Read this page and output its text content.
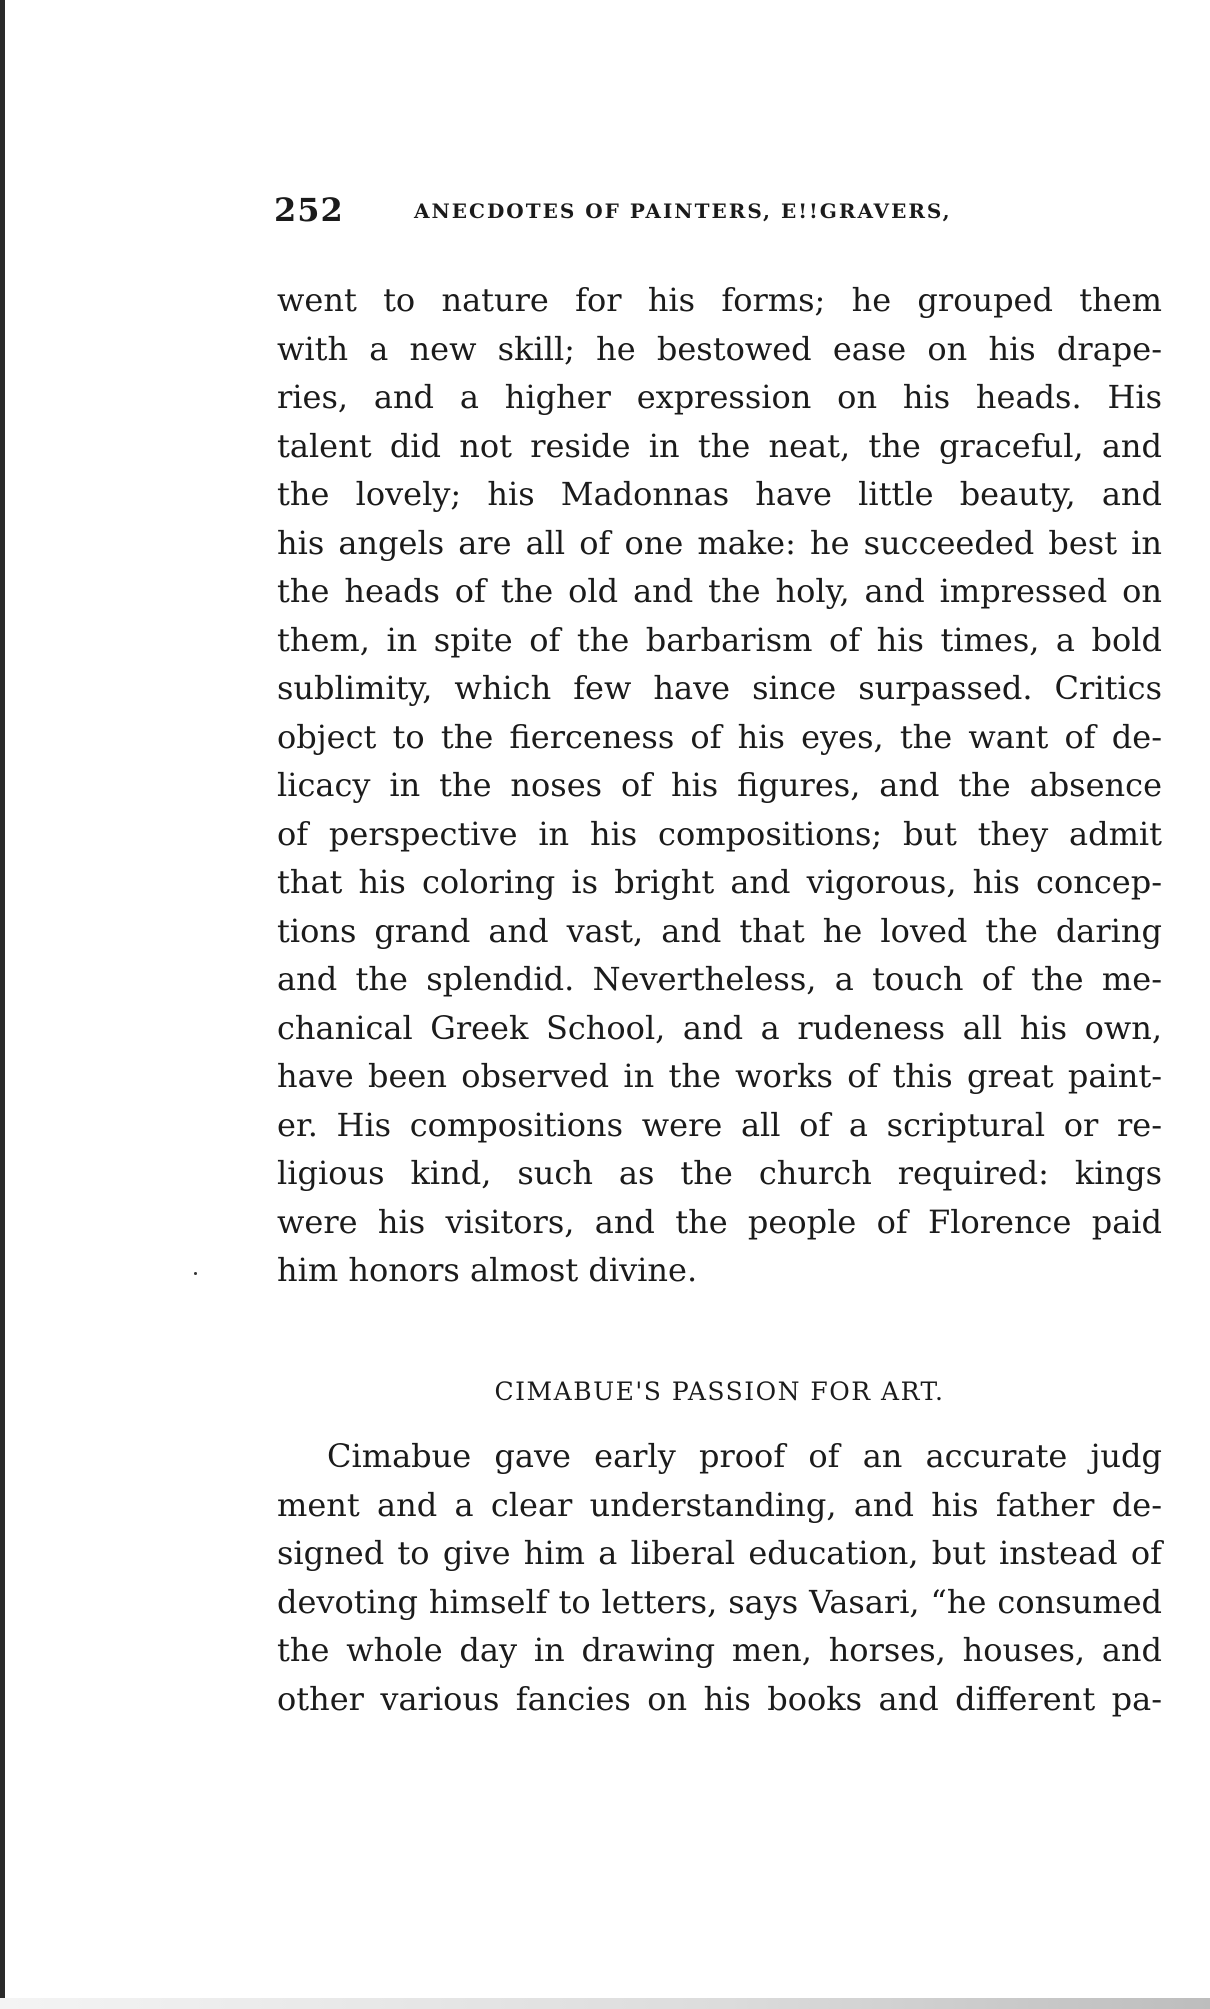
252	ANECDOTES OF PAINTERS, E!!GRAVERS,
went to nature for his forms; he grouped them
with a new skill; he bestowed ease on his drape-
ries, and a higher expression on his heads. His
talent did not reside in the neat, the graceful, and
the lovely; his Madonnas have little beauty, and
his angels are all of one make: he succeeded best in
the heads of the old and the holy, and impressed on
them, in spite of the barbarism of his times, a bold
sublimity, which few have since surpassed. Critics
object to the fierceness of his eyes, the want of de-
licacy in the noses of his figures, and the absence
of perspective in his compositions; but they admit
that his coloring is bright and vigorous, his concep-
tions grand and vast, and that he loved the daring
and the splendid. Nevertheless, a touch of the me-
chanical Greek School, and a rudeness all his own,
have been observed in the works of this great paint-
er. His compositions were all of a scriptural or re-
ligious kind, such as the church required: kings
were his visitors, and the people of Florence paid
him honors almost divine.
CIMABUE'S PASSION FOR ART.
Cimabue gave early proof of an accurate judg
ment and a clear understanding, and his father de-
signed to give him a liberal education, but instead of
devoting himself to letters, says Vasari, “he consumed
the whole day in drawing men, horses, houses, and
other various fancies on his books and different pa-
